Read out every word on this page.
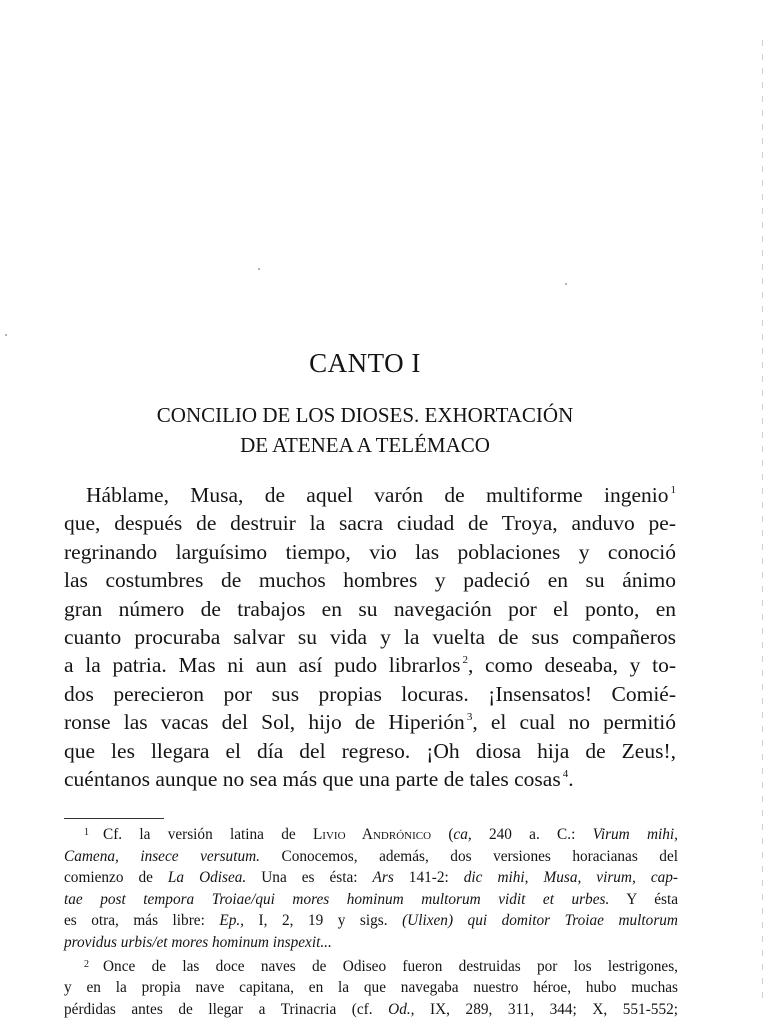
CANTO I
CONCILIO DE LOS DIOSES. EXHORTACIÓN
DE ATENEA A TELÉMACO

Háblame, Musa, de aquel varón de multiforme ingenio $^1$
que, después de destruir la sacra ciudad de Troya, anduvo pe-
regrinando larguísimo tiempo, vio las poblaciones y conoció
las costumbres de muchos hombres y padeció en su ánimo
gran número de trabajos en su navegación por el ponto, en
cuanto procuraba salvar su vida y la vuelta de sus compañeros
a la patria. Mas ni aun así pudo librarlos $^2$, como deseaba, y to-
dos perecieron por sus propias locuras. ¡Insensatos! Comié-
ronse las vacas del Sol, hijo de Hiperión $^3$, el cual no permitió
que les llegara el día del regreso. ¡Oh diosa hija de Zeus!,
cuéntanos aunque no sea más que una parte de tales cosas $^4$.

$^1$ Cf. la versión latina de Livio Andrónico (ca, 240 a. C.: Virum mihi,
Camena, insece versutum. Conocemos, además, dos versiones horacianas del
comienzo de La Odisea. Una es ésta: Ars 141-2: dic mihi, Musa, virum, cap-
tae post tempora Troiae/qui mores hominum multorum vidit et urbes. Y ésta
es otra, más libre: Ep., I, 2, 19 y sigs. (Ulixen) qui domitor Troiae multorum
providus urbis/et mores hominum inspexit...
$^2$ Once de las doce naves de Odiseo fueron destruidas por los lestrigones,
y en la propia nave capitana, en la que navegaba nuestro héroe, hubo muchas
pérdidas antes de llegar a Trinacria (cf. Od., IX, 289, 311, 344; X, 551-552;
